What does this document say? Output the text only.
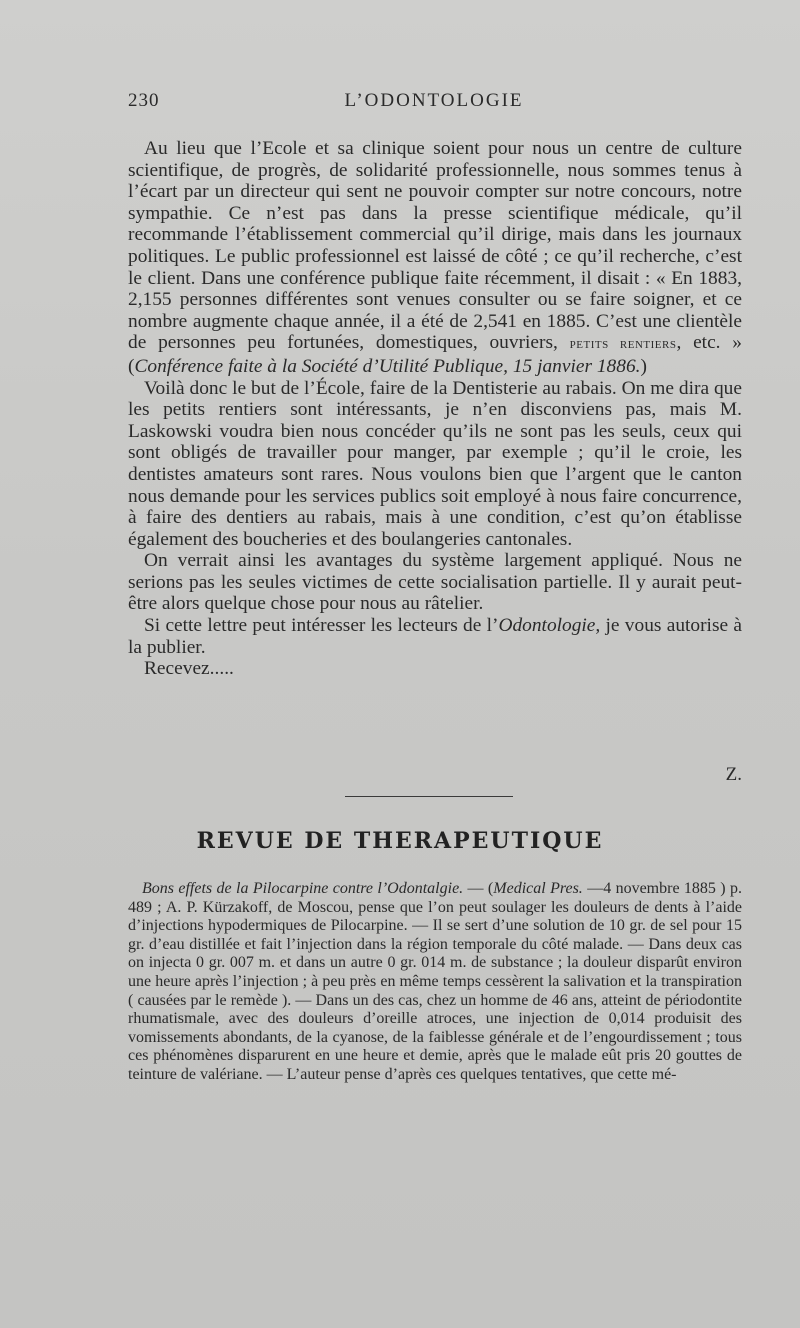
230	L’ODONTOLOGIE

Au lieu que l’Ecole et sa clinique soient pour nous un centre de culture scientifique, de progrès, de solidarité professionnelle, nous sommes tenus à l’écart par un directeur qui sent ne pouvoir compter sur notre concours, notre sympathie. Ce n’est pas dans la presse scientifique médicale, qu’il recommande l’établissement commercial qu’il dirige, mais dans les journaux politiques. Le public professionnel est laissé de côté ; ce qu’il recherche, c’est le client. Dans une conférence publique faite récemment, il disait : « En 1883, 2,155 personnes différentes sont venues consulter ou se faire soigner, et ce nombre augmente chaque année, il a été de 2,541 en 1885. C’est une clientèle de personnes peu fortunées, domestiques, ouvriers, petits rentiers, etc. » (Conférence faite à la Société d’Utilité Publique, 15 janvier 1886.)

Voilà donc le but de l’École, faire de la Dentisterie au rabais. On me dira que les petits rentiers sont intéressants, je n’en disconviens pas, mais M. Laskowski voudra bien nous concéder qu’ils ne sont pas les seuls, ceux qui sont obligés de travailler pour manger, par exemple ; qu’il le croie, les dentistes amateurs sont rares. Nous voulons bien que l’argent que le canton nous demande pour les services publics soit employé à nous faire concurrence, à faire des dentiers au rabais, mais à une condition, c’est qu’on établisse également des boucheries et des boulangeries cantonales.

On verrait ainsi les avantages du système largement appliqué. Nous ne serions pas les seules victimes de cette socialisation partielle. Il y aurait peut-être alors quelque chose pour nous au râtelier.

Si cette lettre peut intéresser les lecteurs de l’Odontologie, je vous autorise à la publier.

Recevez.....

Z.
REVUE DE THERAPEUTIQUE

Bons effets de la Pilocarpine contre l’Odontalgie. — (Medical Pres. —4 novembre 1885 ) p. 489 ; A. P. Kürzakoff, de Moscou, pense que l’on peut soulager les douleurs de dents à l’aide d’injections hypodermiques de Pilocarpine. — Il se sert d’une solution de 10 gr. de sel pour 15 gr. d’eau distillée et fait l’injection dans la région temporale du côté malade. — Dans deux cas on injecta 0 gr. 007 m. et dans un autre 0 gr. 014 m. de substance ; la douleur disparût environ une heure après l’injection ; à peu près en même temps cessèrent la salivation et la transpiration ( causées par le remède ). — Dans un des cas, chez un homme de 46 ans, atteint de périodontite rhumatismale, avec des douleurs d’oreille atroces, une injection de 0,014 produisit des vomissements abondants, de la cyanose, de la faiblesse générale et de l’engourdissement ; tous ces phénomènes disparurent en une heure et demie, après que le malade eût pris 20 gouttes de teinture de valériane. — L’auteur pense d’après ces quelques tentatives, que cette mé-
